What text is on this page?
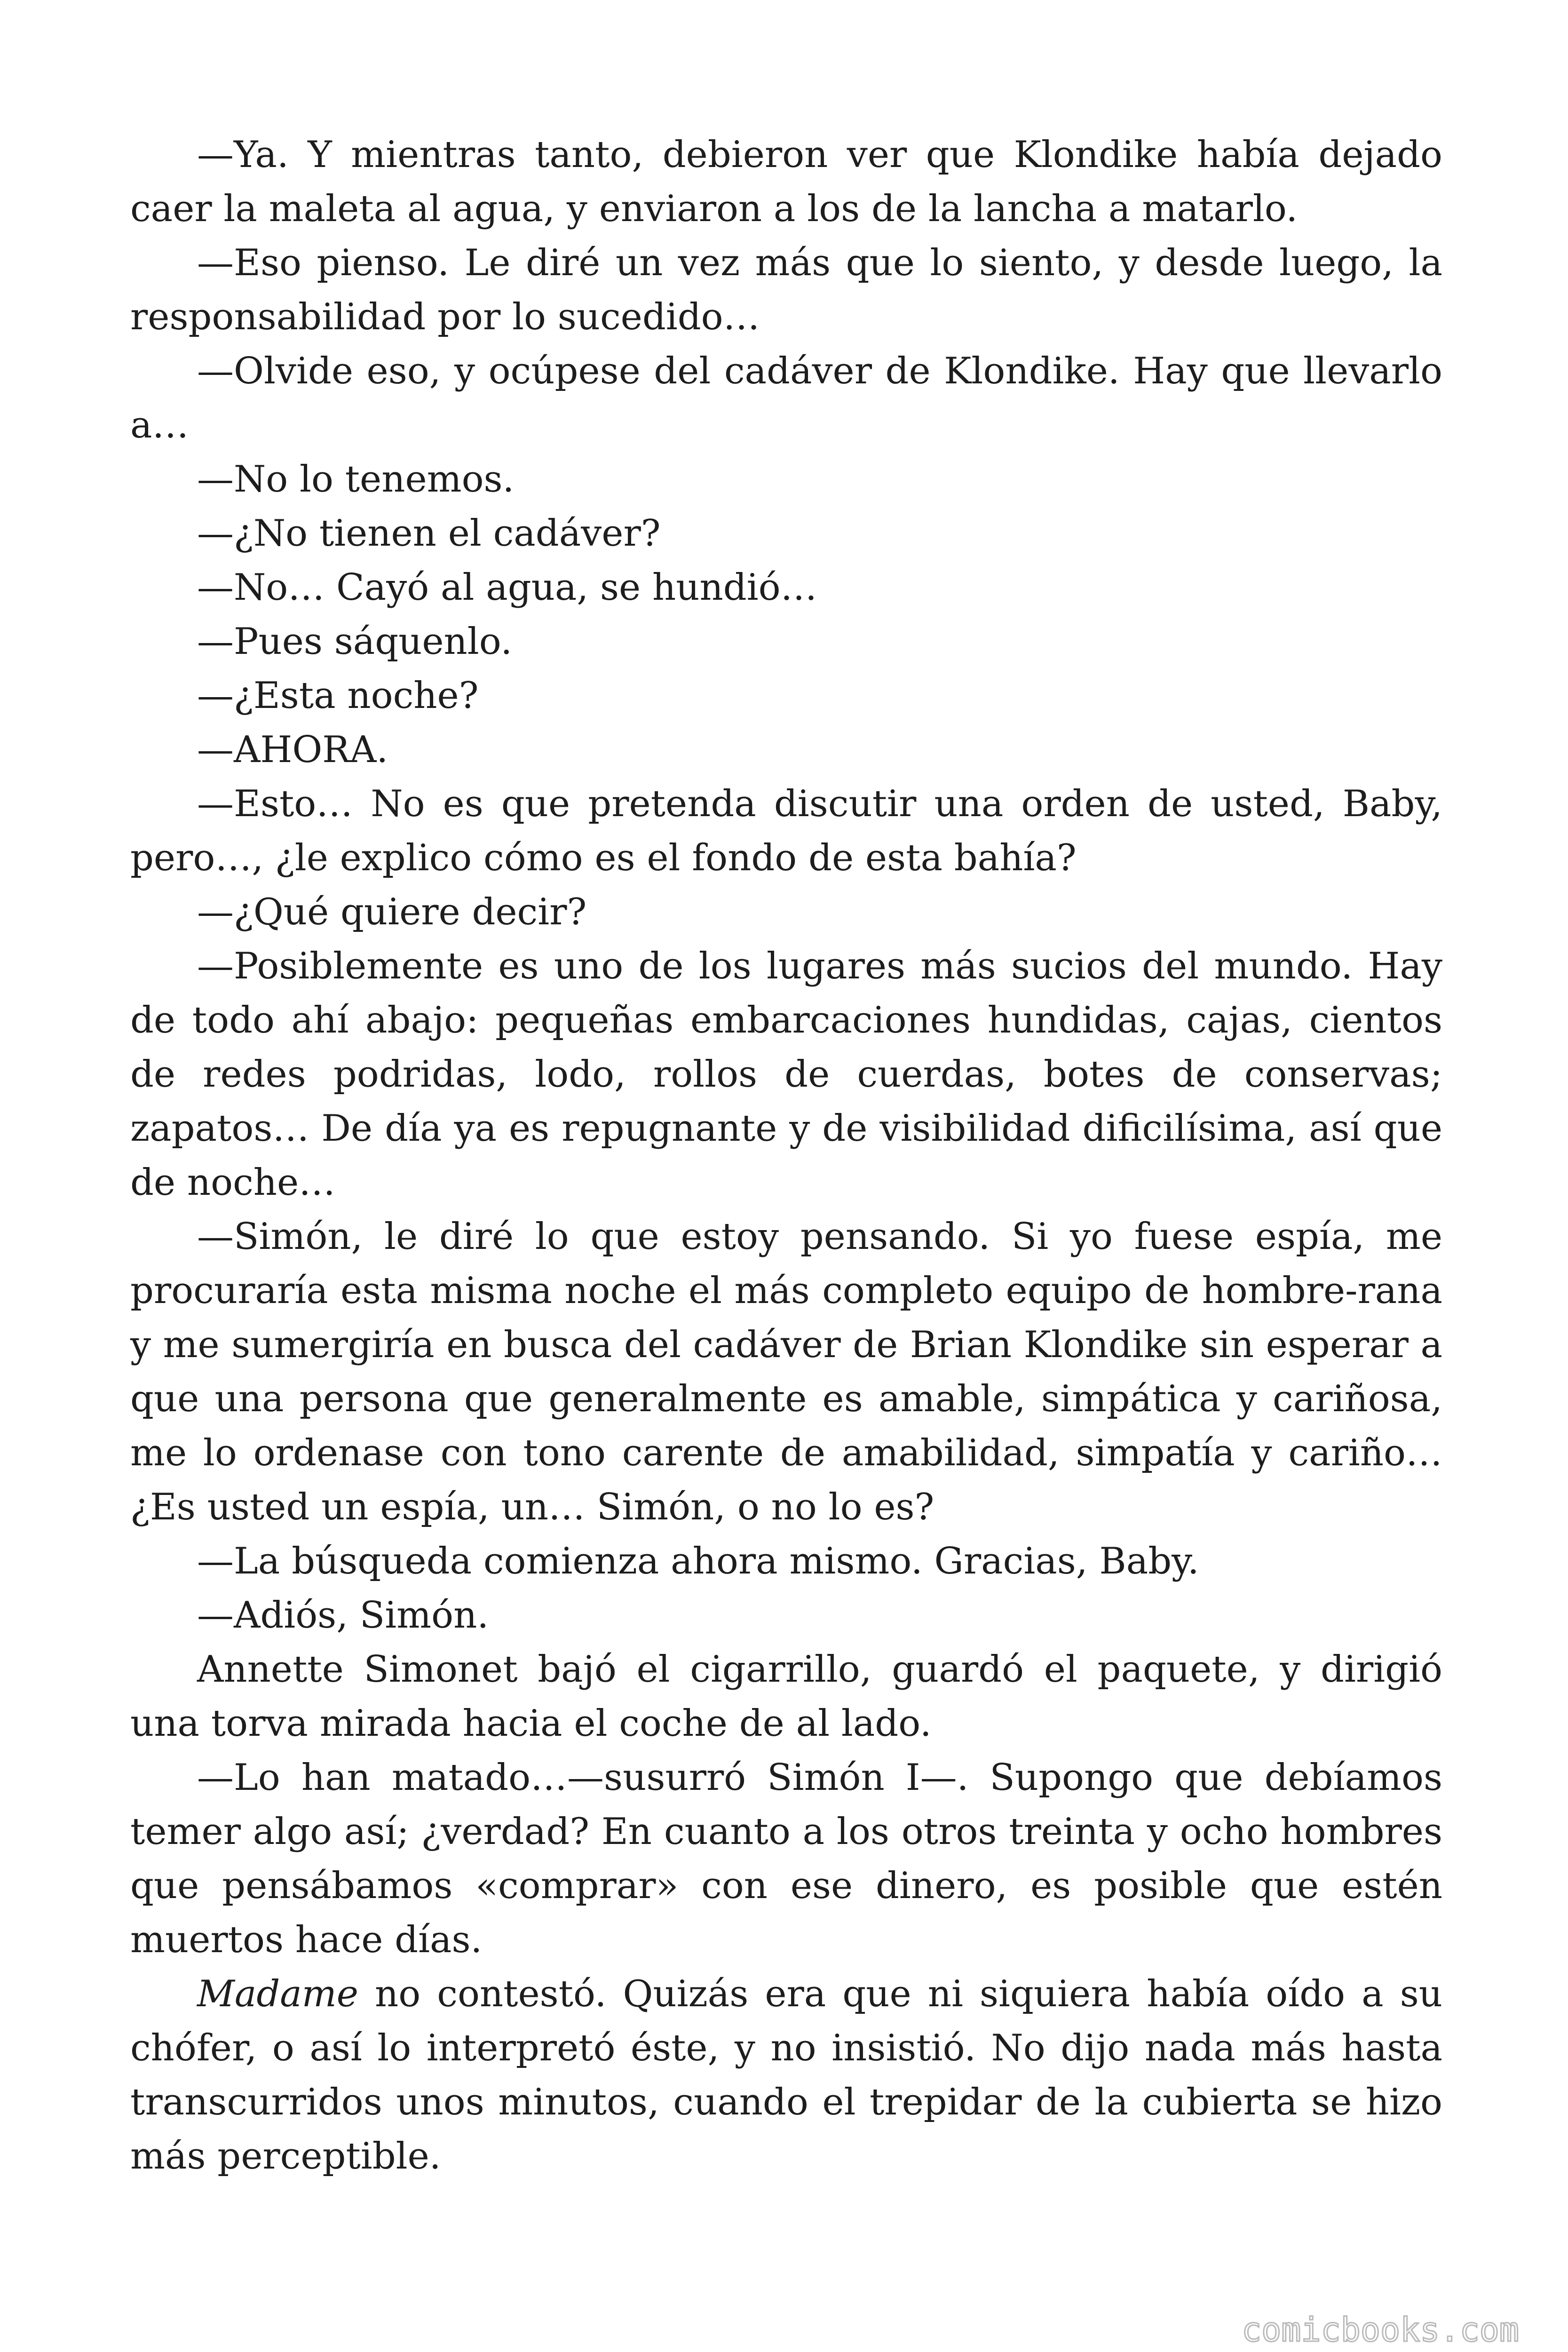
—Ya. Y mientras tanto, debieron ver que Klondike había dejado caer la maleta al agua, y enviaron a los de la lancha a matarlo.

—Eso pienso. Le diré un vez más que lo siento, y desde luego, la responsabilidad por lo sucedido…

—Olvide eso, y ocúpese del cadáver de Klondike. Hay que llevarlo a…

—No lo tenemos.

—¿No tienen el cadáver?

—No… Cayó al agua, se hundió…

—Pues sáquenlo.

—¿Esta noche?

—AHORA.

—Esto… No es que pretenda discutir una orden de usted, Baby, pero…, ¿le explico cómo es el fondo de esta bahía?

—¿Qué quiere decir?

—Posiblemente es uno de los lugares más sucios del mundo. Hay de todo ahí abajo: pequeñas embarcaciones hundidas, cajas, cientos de redes podridas, lodo, rollos de cuerdas, botes de conservas; zapatos… De día ya es repugnante y de visibilidad dificilísima, así que de noche…

—Simón, le diré lo que estoy pensando. Si yo fuese espía, me procuraría esta misma noche el más completo equipo de hombre-rana y me sumergiría en busca del cadáver de Brian Klondike sin esperar a que una persona que generalmente es amable, simpática y cariñosa, me lo ordenase con tono carente de amabilidad, simpatía y cariño… ¿Es usted un espía, un… Simón, o no lo es?

—La búsqueda comienza ahora mismo. Gracias, Baby.

—Adiós, Simón.

Annette Simonet bajó el cigarrillo, guardó el paquete, y dirigió una torva mirada hacia el coche de al lado.

—Lo han matado…—susurró Simón I—. Supongo que debíamos temer algo así; ¿verdad? En cuanto a los otros treinta y ocho hombres que pensábamos «comprar» con ese dinero, es posible que estén muertos hace días.

Madame no contestó. Quizás era que ni siquiera había oído a su chófer, o así lo interpretó éste, y no insistió. No dijo nada más hasta transcurridos unos minutos, cuando el trepidar de la cubierta se hizo más perceptible.

comicbooks.com
